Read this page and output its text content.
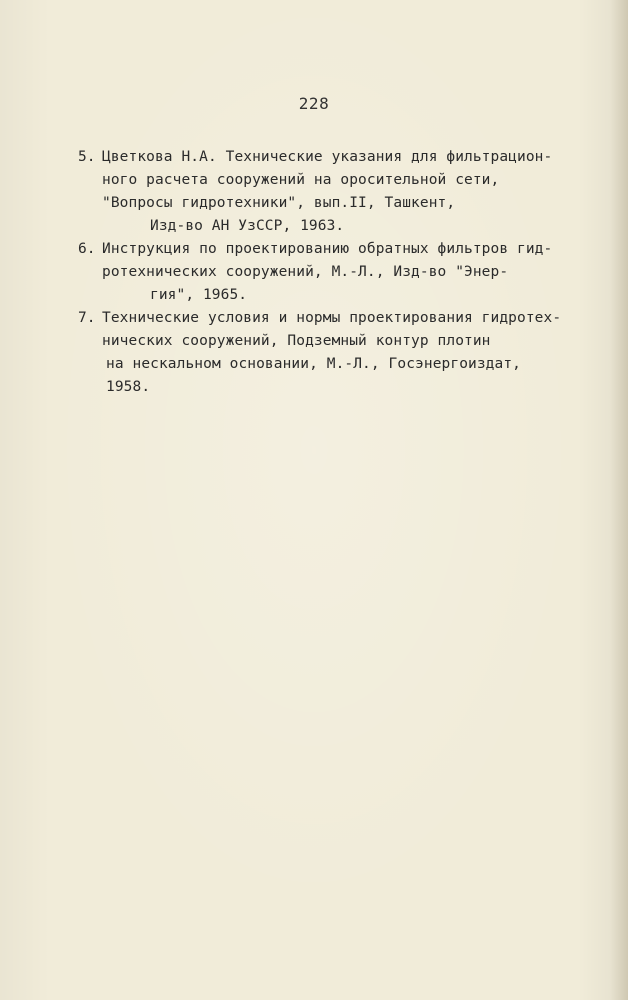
228
5. Цветкова Н.А. Технические указания для фильтрацион-
ного расчета сооружений на оросительной сети,
"Вопросы гидротехники", вып.II, Ташкент,
Изд-во АН УзССР, 1963.
6. Инструкция по проектированию обратных фильтров гид-
ротехнических сооружений, М.-Л., Изд-во "Энер-
гия", 1965.
7. Технические условия и нормы проектирования гидротех-
нических сооружений, Подземный контур плотин
на нескальном основании, М.-Л., Госэнергоиздат,
1958.
